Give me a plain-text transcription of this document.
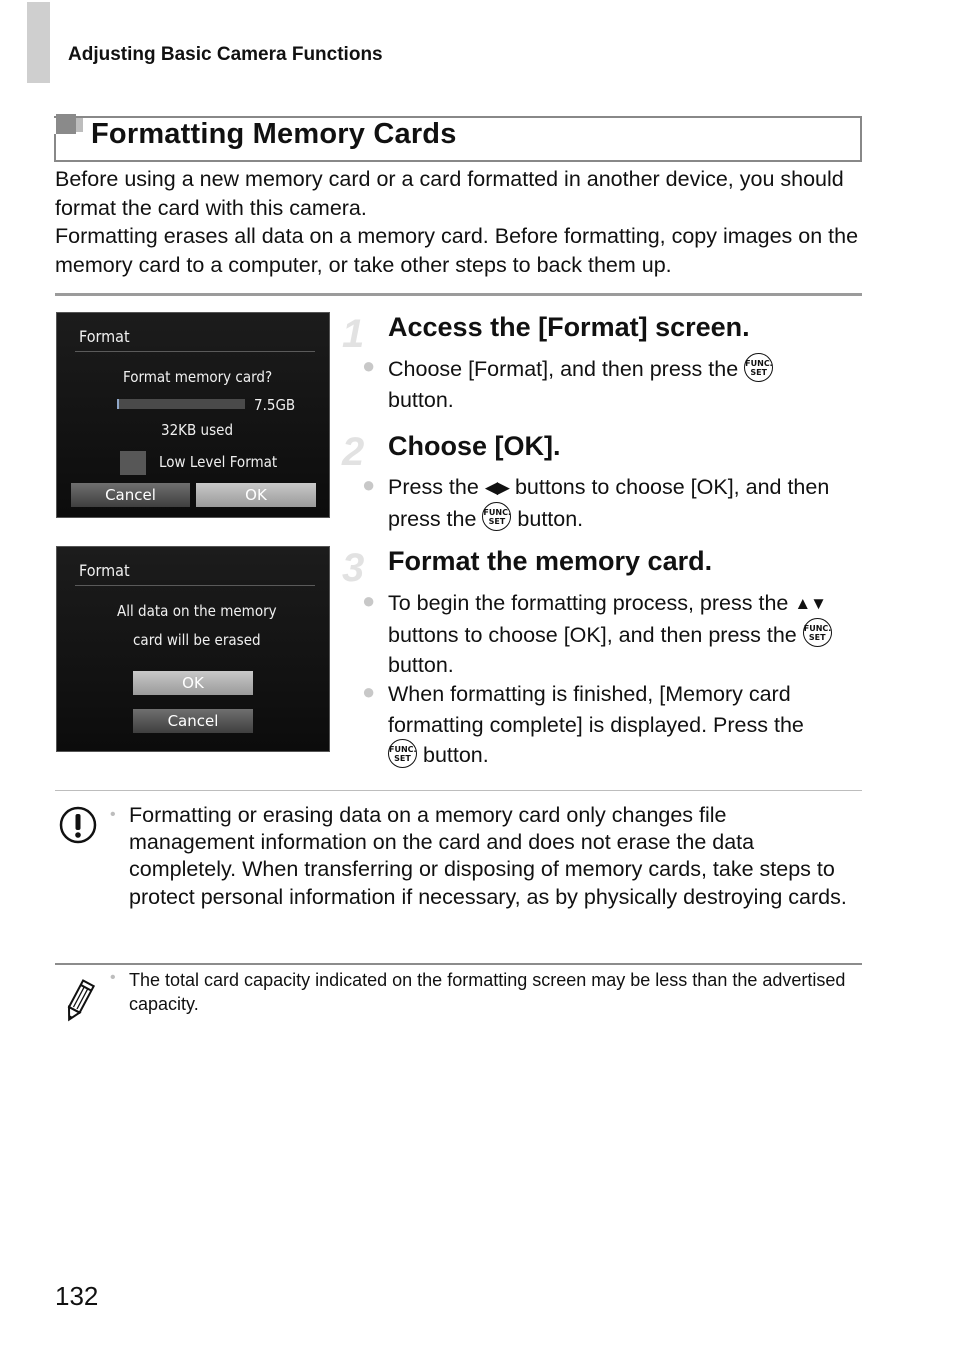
Adjusting Basic Camera Functions
Formatting Memory Cards

Before using a new memory card or a card formatted in another device, you should format the card with this camera.

Formatting erases all data on a memory card. Before formatting, copy images on the memory card to a computer, or take other steps to back them up.

Format
Format memory card?
7.5GB
32KB used
Low Level Format
Cancel	OK
Format
All data on the memory
card will be erased
OK
Cancel
1 Access the [Format] screen.
● Choose [Format], and then press the FUNC.
SET
button.
2 Choose [OK].
● Press the ◀▶ buttons to choose [OK], and then press the FUNC.
SET button.
3 Format the memory card.
● To begin the formatting process, press the ▲▼ buttons to choose [OK], and then press the FUNC.
SET button.
● When formatting is finished, [Memory card formatting complete] is displayed. Press the
FUNC.
SET button.
• Formatting or erasing data on a memory card only changes file management information on the card and does not erase the data completely. When transferring or disposing of memory cards, take steps to protect personal information if necessary, as by physically destroying cards.
• The total card capacity indicated on the formatting screen may be less than the advertised capacity.
132
